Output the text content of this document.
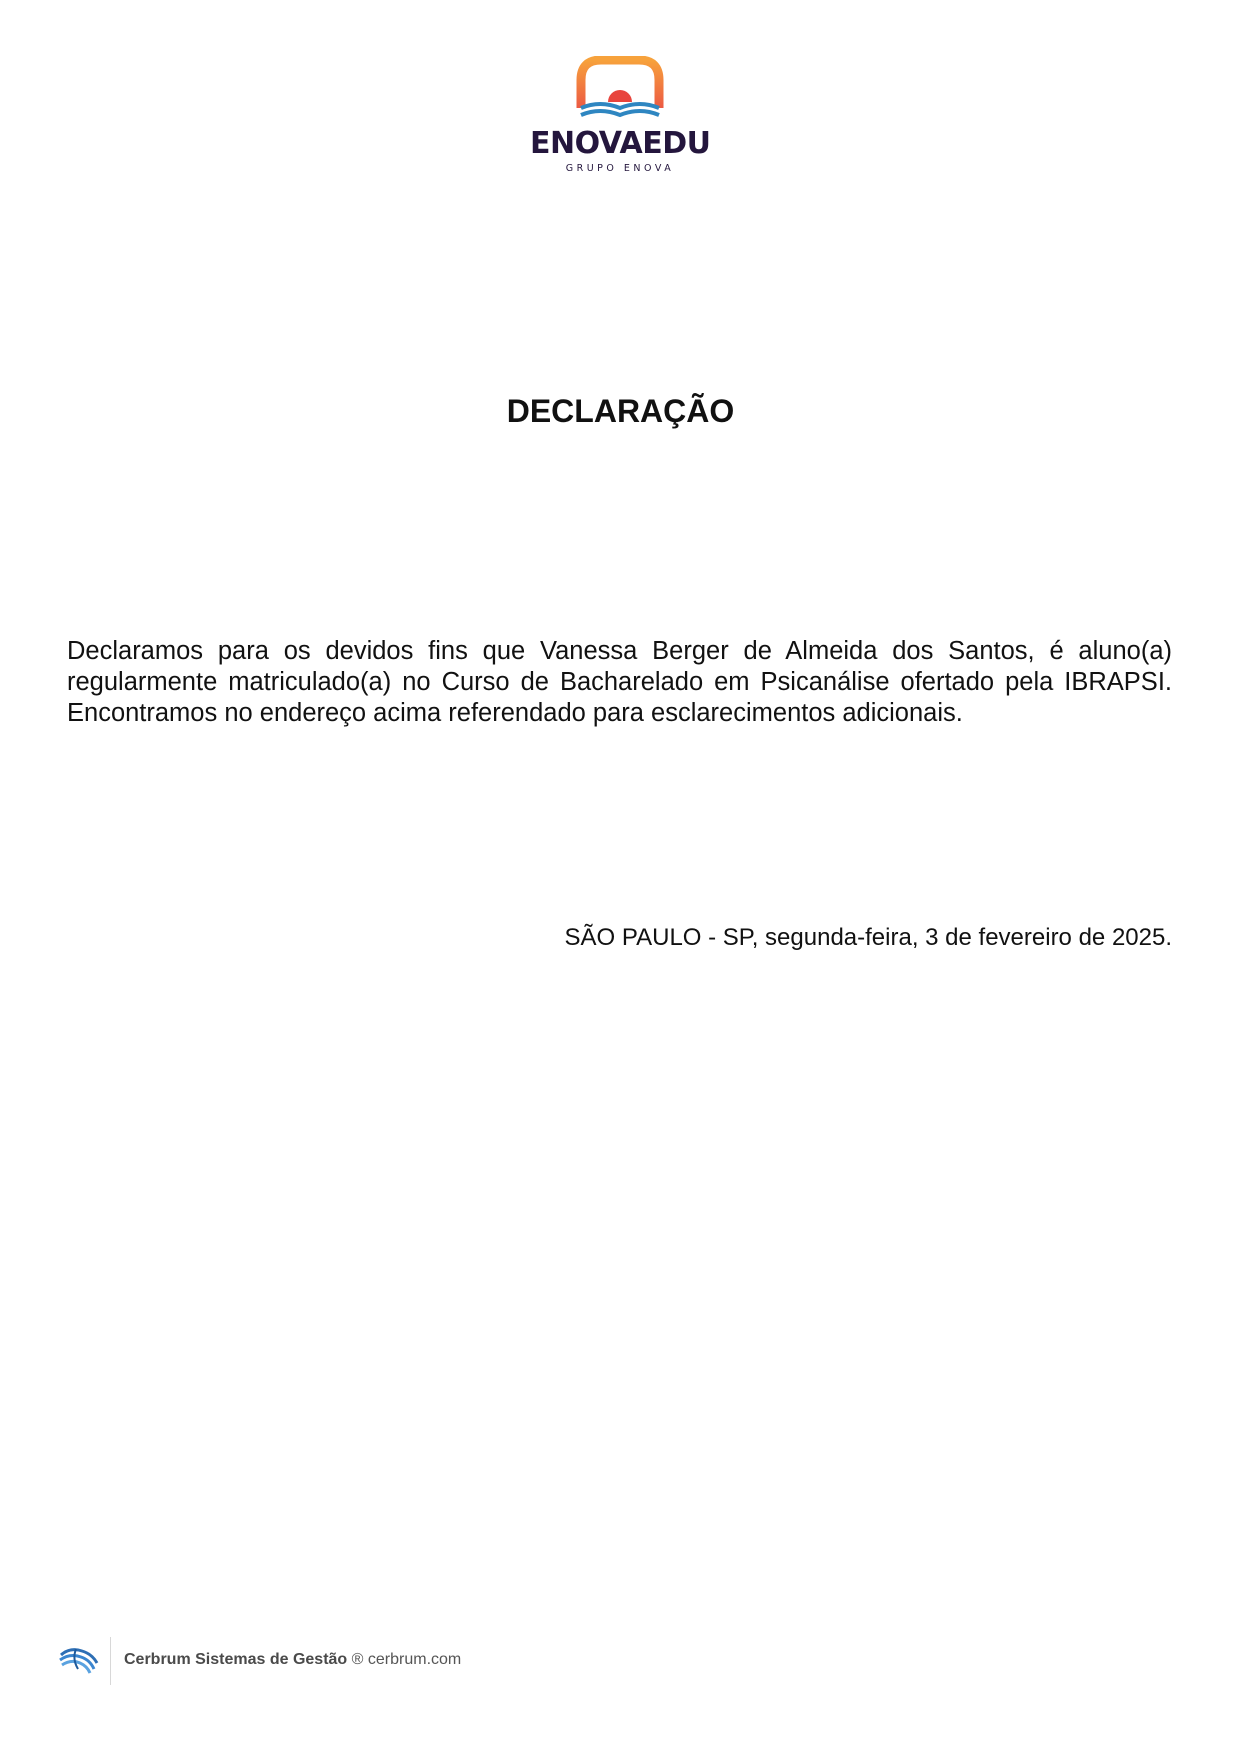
ENOVAEDU
GRUPO ENOVA
DECLARAÇÃO
Declaramos para os devidos fins que Vanessa Berger de Almeida dos Santos, é aluno(a) regularmente matriculado(a) no Curso de Bacharelado em Psicanálise ofertado pela IBRAPSI. Encontramos no endereço acima referendado para esclarecimentos adicionais.
SÃO PAULO - SP, segunda-feira, 3 de fevereiro de 2025.
Cerbrum Sistemas de Gestão ® cerbrum.com
